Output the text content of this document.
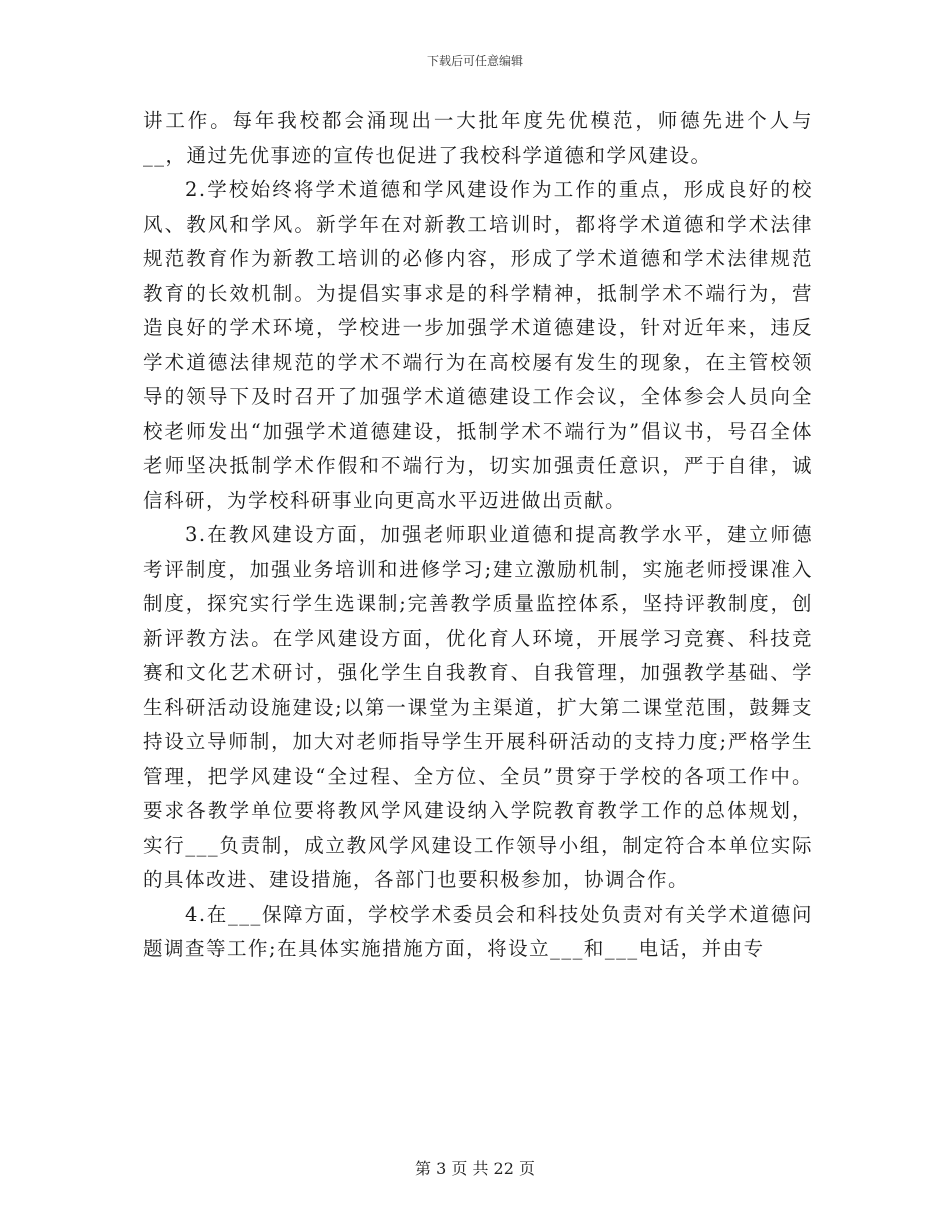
下载后可任意编辑

讲工作。每年我校都会涌现出一大批年度先优模范，师德先进个人与__，通过先优事迹的宣传也促进了我校科学道德和学风建设。

2.学校始终将学术道德和学风建设作为工作的重点，形成良好的校风、教风和学风。新学年在对新教工培训时，都将学术道德和学术法律规范教育作为新教工培训的必修内容，形成了学术道德和学术法律规范教育的长效机制。为提倡实事求是的科学精神，抵制学术不端行为，营造良好的学术环境，学校进一步加强学术道德建设，针对近年来，违反学术道德法律规范的学术不端行为在高校屡有发生的现象，在主管校领导的领导下及时召开了加强学术道德建设工作会议，全体参会人员向全校老师发出“加强学术道德建设，抵制学术不端行为”倡议书，号召全体老师坚决抵制学术作假和不端行为，切实加强责任意识，严于自律，诚信科研，为学校科研事业向更高水平迈进做出贡献。

3.在教风建设方面，加强老师职业道德和提高教学水平，建立师德考评制度，加强业务培训和进修学习;建立激励机制，实施老师授课准入制度，探究实行学生选课制;完善教学质量监控体系，坚持评教制度，创新评教方法。在学风建设方面，优化育人环境，开展学习竞赛、科技竞赛和文化艺术研讨，强化学生自我教育、自我管理，加强教学基础、学生科研活动设施建设;以第一课堂为主渠道，扩大第二课堂范围，鼓舞支持设立导师制，加大对老师指导学生开展科研活动的支持力度;严格学生管理，把学风建设“全过程、全方位、全员”贯穿于学校的各项工作中。要求各教学单位要将教风学风建设纳入学院教育教学工作的总体规划，实行___负责制，成立教风学风建设工作领导小组，制定符合本单位实际的具体改进、建设措施，各部门也要积极参加，协调合作。

4.在___保障方面，学校学术委员会和科技处负责对有关学术道德问题调查等工作;在具体实施措施方面，将设立___和___电话，并由专

第 3 页 共 22 页
